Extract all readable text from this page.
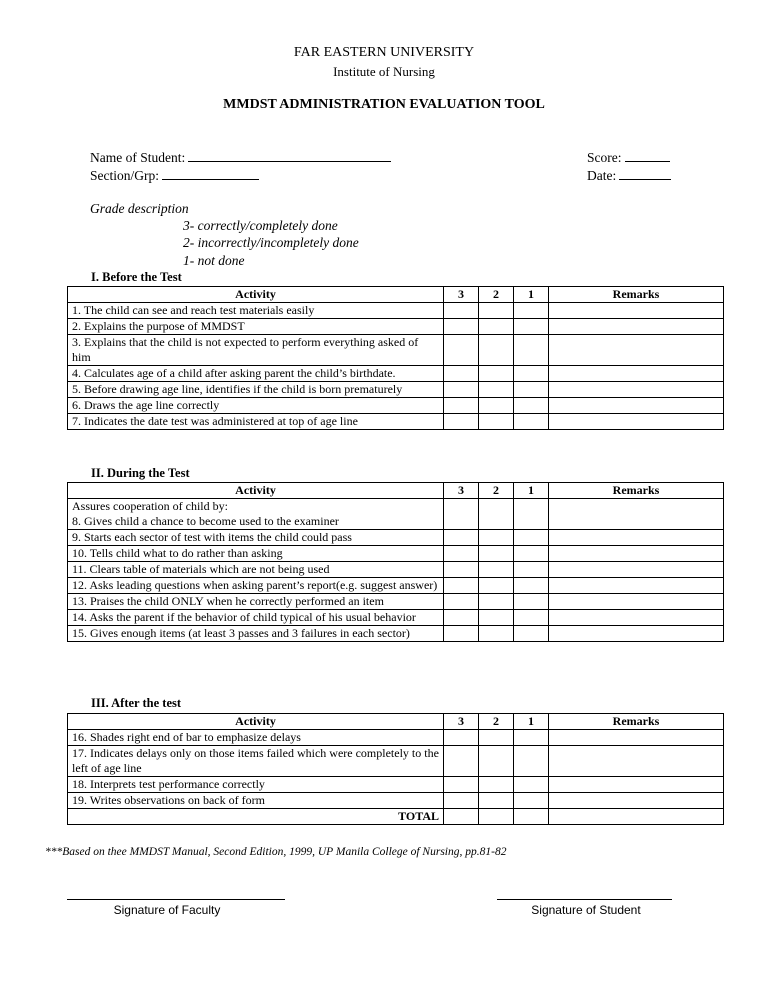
FAR EASTERN UNIVERSITY
Institute of Nursing
MMDST ADMINISTRATION EVALUATION TOOL
Name of Student:
Section/Grp:
Score:
Date:
Grade description
3- correctly/completely done
2- incorrectly/incompletely done
1- not done
I. Before the Test
Activity	3	2	1	Remarks
1. The child can see and reach test materials easily				
2. Explains the purpose of MMDST				
3. Explains that the child is not expected to perform everything asked of him				
4. Calculates age of a child after asking parent the child’s birthdate.				
5. Before drawing age line, identifies if the child is born prematurely				
6. Draws the age line correctly				
7. Indicates the date test was administered at top of age line				
II. During the Test
Activity	3	2	1	Remarks
Assures cooperation of child by:
8. Gives child a chance to become used to the examiner				
9. Starts each sector of test with items the child could pass				
10. Tells child what to do rather than asking				
11. Clears table of materials which are not being used				
12. Asks leading questions when asking parent’s report(e.g. suggest answer)				
13. Praises the child ONLY when he correctly performed an item				
14. Asks the parent if the behavior of child typical of his usual behavior				
15. Gives enough items (at least 3 passes and 3 failures in each sector)				
III. After the test
Activity	3	2	1	Remarks
16. Shades right end of bar to emphasize delays				
17. Indicates delays only on those items failed which were completely to the left of age line				
18. Interprets test performance correctly				
19. Writes observations on back of form				
TOTAL				
***Based on thee MMDST Manual, Second Edition, 1999, UP Manila College of Nursing, pp.81-82
Signature of Faculty	Signature of Student
